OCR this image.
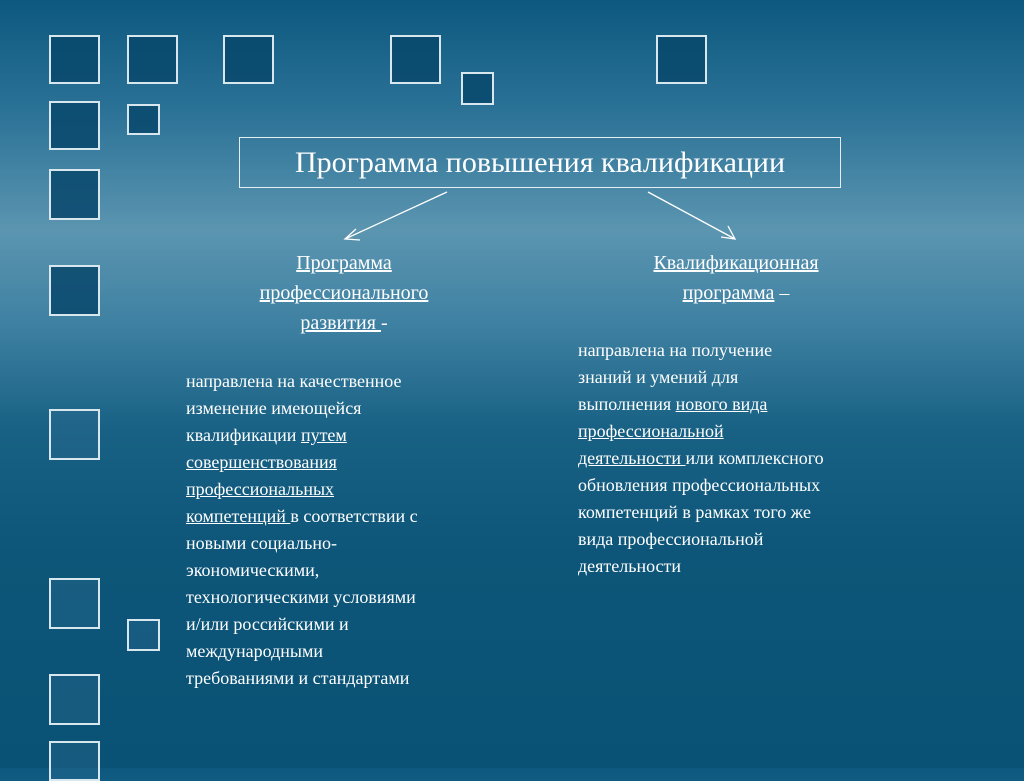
Программа повышения квалификации
Программа профессионального развития -
направлена на качественное
изменение имеющейся
квалификации путем
совершенствования
профессиональных
компетенций в соответствии с
новыми социально-
экономическими,
технологическими условиями
и/или российскими и
международными
требованиями и стандартами
Квалификационная программа –
направлена на получение
знаний и умений для
выполнения нового вида
профессиональной
деятельности или комплексного
обновления профессиональных
компетенций в рамках того же
вида профессиональной
деятельности
